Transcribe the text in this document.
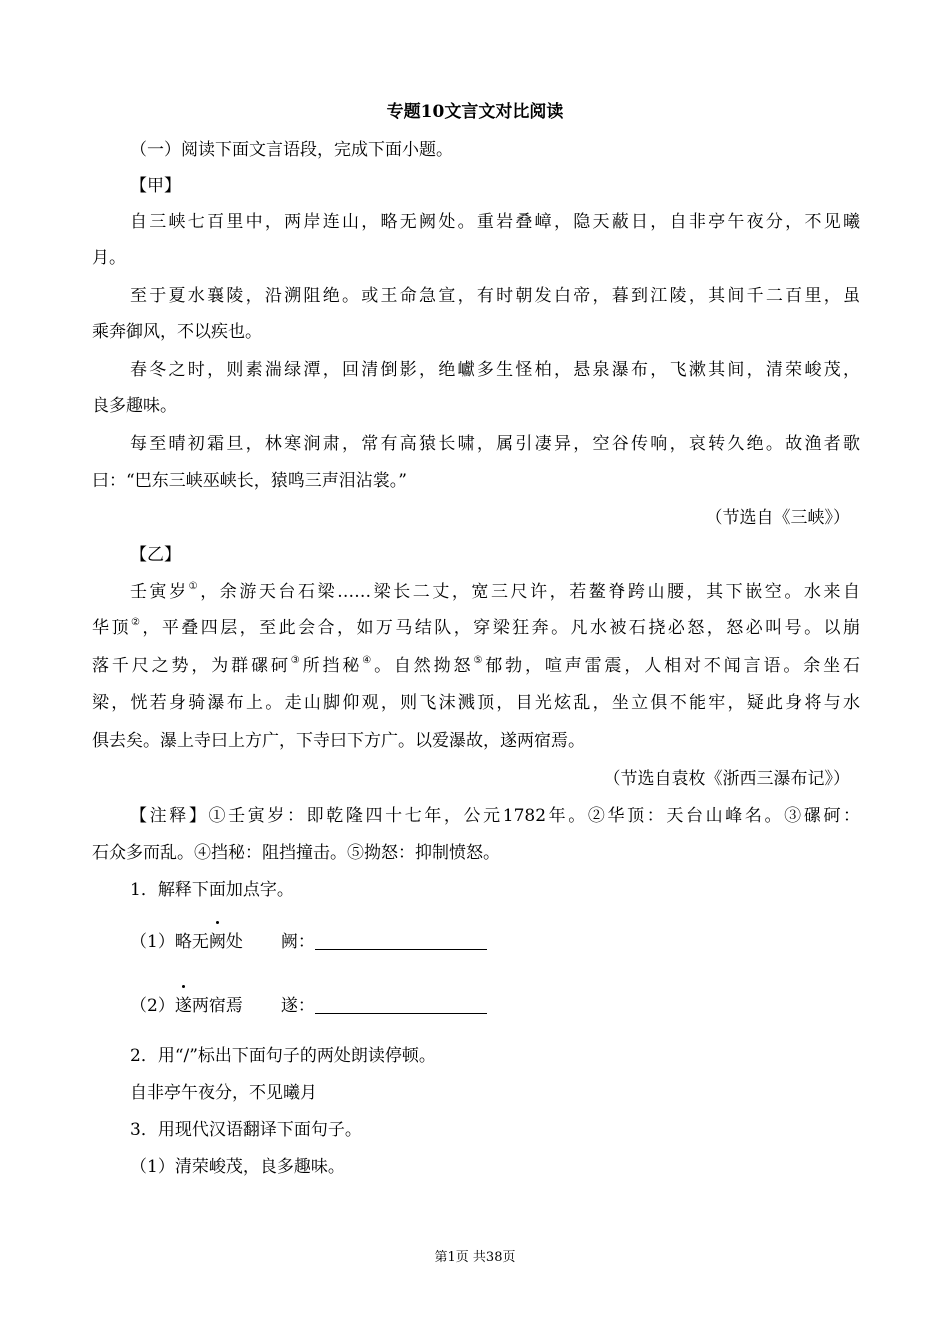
专题10文言文对比阅读
（一）阅读下面文言语段，完成下面小题。
【甲】
自三峡七百里中，两岸连山，略无阙处。重岩叠嶂，隐天蔽日，自非亭午夜分，不见曦
月。
至于夏水襄陵，沿溯阻绝。或王命急宣，有时朝发白帝，暮到江陵，其间千二百里，虽
乘奔御风，不以疾也。
春冬之时，则素湍绿潭，回清倒影，绝巘多生怪柏，悬泉瀑布，飞漱其间，清荣峻茂，
良多趣味。
每至晴初霜旦，林寒涧肃，常有高猿长啸，属引凄异，空谷传响，哀转久绝。故渔者歌
曰：“巴东三峡巫峡长，猿鸣三声泪沾裳。”
（节选自《三峡》）
【乙】
壬寅岁①，余游天台石梁……梁长二丈，宽三尺许，若鳌脊跨山腰，其下嵌空。水来自
华顶②，平叠四层，至此会合，如万马结队，穿梁狂奔。凡水被石挠必怒，怒必叫号。以崩
落千尺之势，为群磥砢③所挡秘④。自然拗怒⑤郁勃，喧声雷震，人相对不闻言语。余坐石
梁，恍若身骑瀑布上。走山脚仰观，则飞沫溅顶，目光炫乱，坐立俱不能牢，疑此身将与水
俱去矣。瀑上寺曰上方广，下寺曰下方广。以爱瀑故，遂两宿焉。
（节选自袁枚《浙西三瀑布记》）
【注释】①壬寅岁：即乾隆四十七年，公元1782年。②华顶：天台山峰名。③磥砢：
石众多而乱。④挡秘：阻挡撞击。⑤拗怒：抑制愤怒。
1．解释下面加点字。
（1）略无阙处 阙：
（2）遂两宿焉 遂：
2．用“/”标出下面句子的两处朗读停顿。
自非亭午夜分，不见曦月
3．用现代汉语翻译下面句子。
（1）清荣峻茂，良多趣味。
第1页 共38页
